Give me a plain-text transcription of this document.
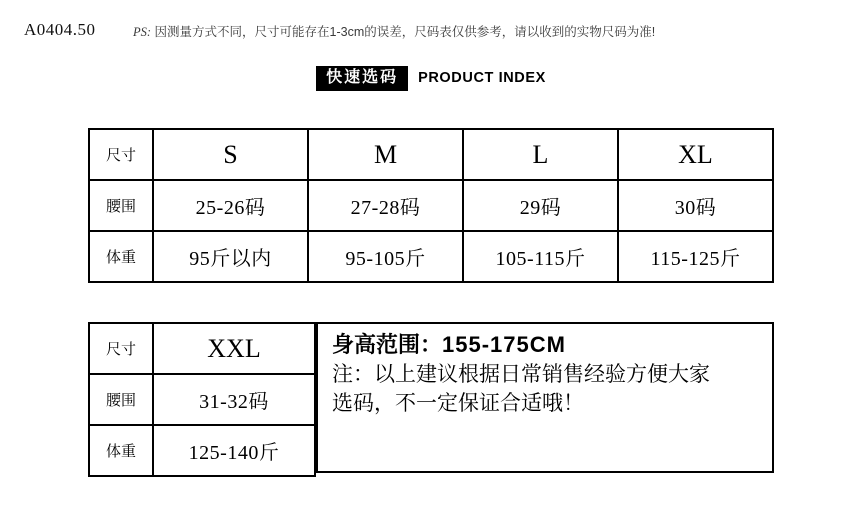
A0404.50	PS: 因测量方式不同，尺寸可能存在1-3cm的误差，尺码表仅供参考，请以收到的实物尺码为准!
快速选码	PRODUCT INDEX
尺寸	S	M	L	XL
腰围	25-26码	27-28码	29码	30码
体重	95斤以内	95-105斤	105-115斤	115-125斤
尺寸	XXL
腰围	31-32码
体重	125-140斤
身高范围：155-175CM
注：以上建议根据日常销售经验方便大家
选码，不一定保证合适哦！
